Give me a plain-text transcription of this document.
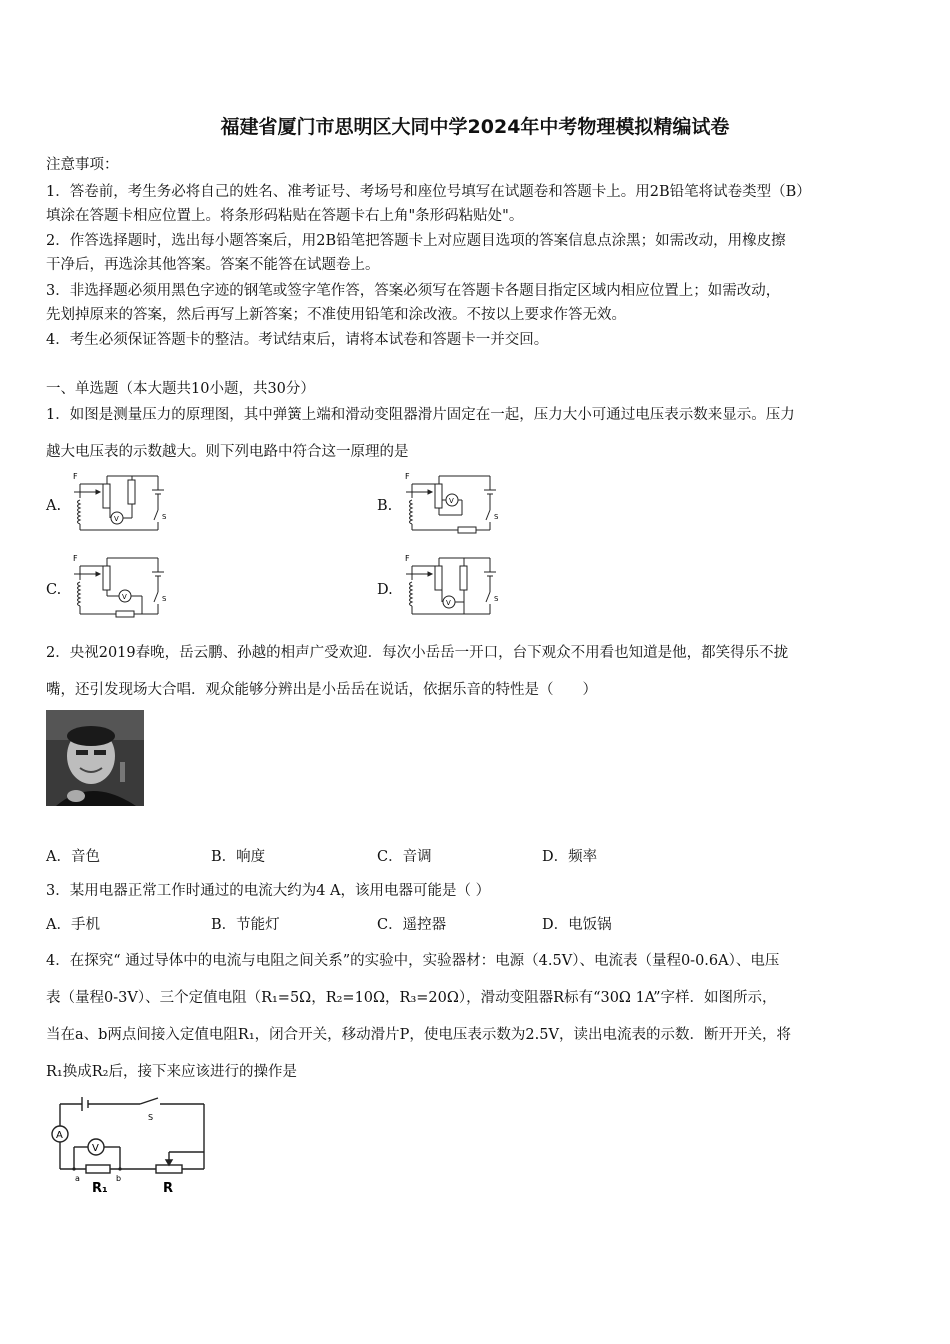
福建省厦门市思明区大同中学2024年中考物理模拟精编试卷
注意事项：
1．答卷前，考生务必将自己的姓名、准考证号、考场号和座位号填写在试题卷和答题卡上。用2B铅笔将试卷类型（B）
填涂在答题卡相应位置上。将条形码粘贴在答题卡右上角"条形码粘贴处"。
2．作答选择题时，选出每小题答案后，用2B铅笔把答题卡上对应题目选项的答案信息点涂黑；如需改动，用橡皮擦
干净后，再选涂其他答案。答案不能答在试题卷上。
3．非选择题必须用黑色字迹的钢笔或签字笔作答，答案必须写在答题卡各题目指定区域内相应位置上；如需改动，
先划掉原来的答案，然后再写上新答案；不准使用铅笔和涂改液。不按以上要求作答无效。
4．考生必须保证答题卡的整洁。考试结束后，请将本试卷和答题卡一并交回。
一、单选题（本大题共10小题，共30分）
1．如图是测量压力的原理图，其中弹簧上端和滑动变阻器滑片固定在一起，压力大小可通过电压表示数来显示。压力
越大电压表的示数越大。则下列电路中符合这一原理的是
A.	B.
C.	D.
F
V	S
F
V
S
F
V	S
F
V	S
2．央视2019春晚，岳云鹏、孙越的相声广受欢迎．每次小岳岳一开口，台下观众不用看也知道是他，都笑得乐不拢
嘴，还引发现场大合唱．观众能够分辨出是小岳岳在说话，依据乐音的特性是（　　）
A．音色	B．响度	C．音调	D．频率
3．某用电器正常工作时通过的电流大约为4 A，该用电器可能是（ ）
A．手机	B．节能灯	C．遥控器	D．电饭锅
4．在探究“ 通过导体中的电流与电阻之间关系”的实验中，实验器材：电源（4.5V）、电流表（量程0-0.6A）、电压
表（量程0-3V）、三个定值电阻（R₁=5Ω，R₂=10Ω，R₃=20Ω），滑动变阻器R标有“30Ω 1A”字样．如图所示，
当在a、b两点间接入定值电阻R₁，闭合开关，移动滑片P，使电压表示数为2.5V，读出电流表的示数．断开开关，将
R₁换成R₂后，接下来应该进行的操作是
A
V
S
a	b
R₁	R
